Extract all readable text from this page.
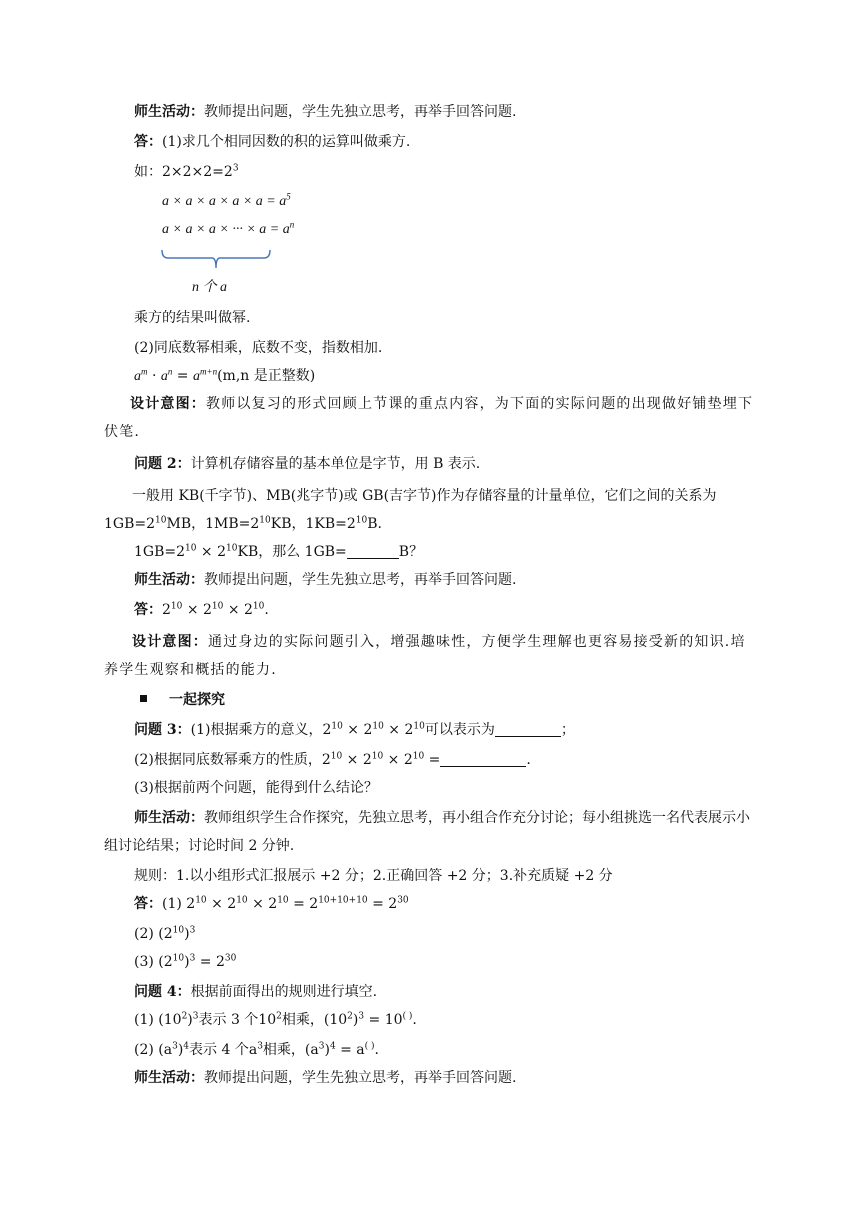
师生活动：教师提出问题，学生先独立思考，再举手回答问题.
答：(1)求几个相同因数的积的运算叫做乘方.
如：$2\times 2\times 2=2^3$
$a \times a \times a \times a \times a = a^5$
a × a × a × ··· × $a = a^n$
n 个 a
乘方的结果叫做幂.
(2)同底数幂相乘，底数不变，指数相加.
$a^m \cdot a^n = a^{m+n}(m,n$ 是正整数)
设计意图：教师以复习的形式回顾上节课的重点内容，为下面的实际问题的出现做好铺垫埋下伏笔.
问题 2：计算机存储容量的基本单位是字节，用 B 表示.
一般用 KB(千字节)、MB(兆字节)或 GB(吉字节)作为存储容量的计量单位，它们之间的关系为$1GB=2^{10}MB$，$1MB=2^{10}KB$，$1KB=2^{10}B$.
$1GB=2^{10} \times 2^{10}KB$，那么 1GB=	B？
师生活动：教师提出问题，学生先独立思考，再举手回答问题.
答：$2^{10} \times 2^{10} \times 2^{10}$.
设计意图：通过身边的实际问题引入，增强趣味性，方便学生理解也更容易接受新的知识.培养学生观察和概括的能力.
一起探究
问题 3：(1)根据乘方的意义，$2^{10} \times 2^{10} \times 2^{10}$可以表示为	；
(2)根据同底数幂乘方的性质，$2^{10} \times 2^{10} \times 2^{10}$ =	.
(3)根据前两个问题，能得到什么结论？
师生活动：教师组织学生合作探究，先独立思考，再小组合作充分讨论；每小组挑选一名代表展示小组讨论结果；讨论时间 2 分钟.
规则：1.以小组形式汇报展示 +2 分；2.正确回答 +2 分；3.补充质疑 +2 分
答：(1) $2^{10} \times 2^{10} \times 2^{10} = 2^{10+10+10} = 2^{30}$
(2) $(2^{10})^3$
(3) $(2^{10})^3 = 2^{30}$
问题 4：根据前面得出的规则进行填空.
(1) $(10^2)^3$表示 3 个$10^2$相乘，$(10^2)^3 = 10^{( )}$.
(2) $(a^3)^4$表示 4 个$a^3$相乘，$(a^3)^4 = a^{( )}$.
师生活动：教师提出问题，学生先独立思考，再举手回答问题.
